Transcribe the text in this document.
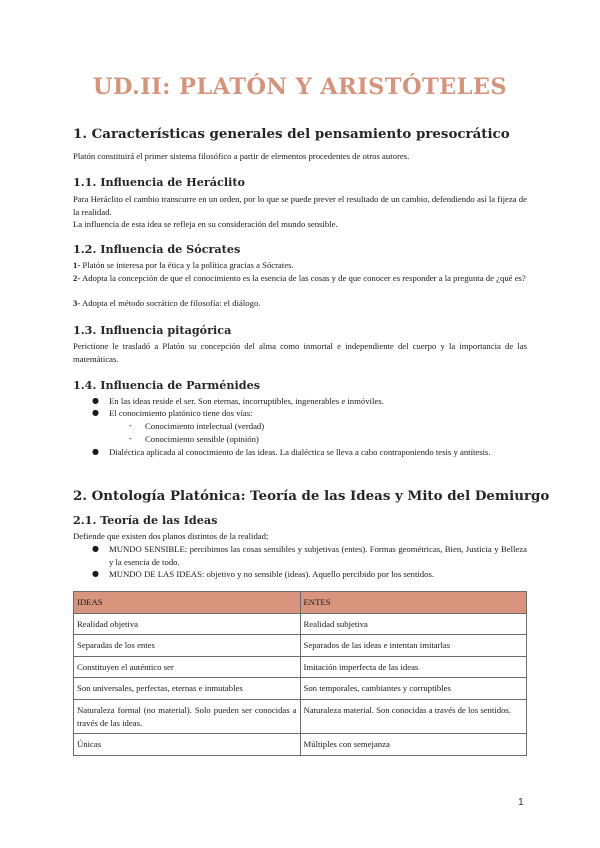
UD.II: PLATÓN Y ARISTÓTELES
1. Características generales del pensamiento presocrático

Platón constituirá el primer sistema filosófico a partir de elementos procedentes de otros autores.

1.1. Influencia de Heráclito

Para Heráclito el cambio transcurre en un orden, por lo que se puede prever el resultado de un cambio, defendiendo así la fijeza de la realidad.

La influencia de esta idea se refleja en su consideración del mundo sensible.

1.2. Influencia de Sócrates

1- Platón se interesa por la ética y la política gracias a Sócrates.

2- Adopta la concepción de que el conocimiento es la esencia de las cosas y de que conocer es responder a la pregunta de ¿qué es?

3- Adopta el método socrático de filosofía: el diálogo.

1.3. Influencia pitagórica

Perictione le trasladó a Platón su concepción del alma como inmortal e independiente del cuerpo y la importancia de las matemáticas.

1.4. Influencia de Parménides
● En las ideas reside el ser. Son eternas, incorruptibles, ingenerables e inmóviles.

● El conocimiento platónico tiene dos vías:

- Conocimiento intelectual (verdad)

- Conocimiento sensible (opinión)

● Dialéctica aplicada al conocimiento de las ideas. La dialéctica se lleva a cabo contraponiendo tesis y antítesis.

2. Ontología Platónica: Teoría de las Ideas y Mito del Demiurgo
2.1. Teoría de las Ideas

Defiende que existen dos planos distintos de la realidad;

● MUNDO SENSIBLE: percibimos las cosas sensibles y subjetivas (entes). Formas geométricas, Bien, Justicia y Belleza y la esencia de todo.

● MUNDO DE LAS IDEAS: objetivo y no sensible (ideas). Aquello percibido por los sentidos.

IDEAS	ENTES
Realidad objetiva	Realidad subjetiva
Separadas de los entes	Separados de las ideas e intentan imitarlas
Constituyen el auténtico ser	Imitación imperfecta de las ideas
Son universales, perfectas, eternas e inmutables	Son temporales, cambiantes y corruptibles
Naturaleza formal (no material). Solo pueden ser conocidas a través de las ideas.	Naturaleza material. Son conocidas a través de los sentidos.
Únicas	Múltiples con semejanza
1
